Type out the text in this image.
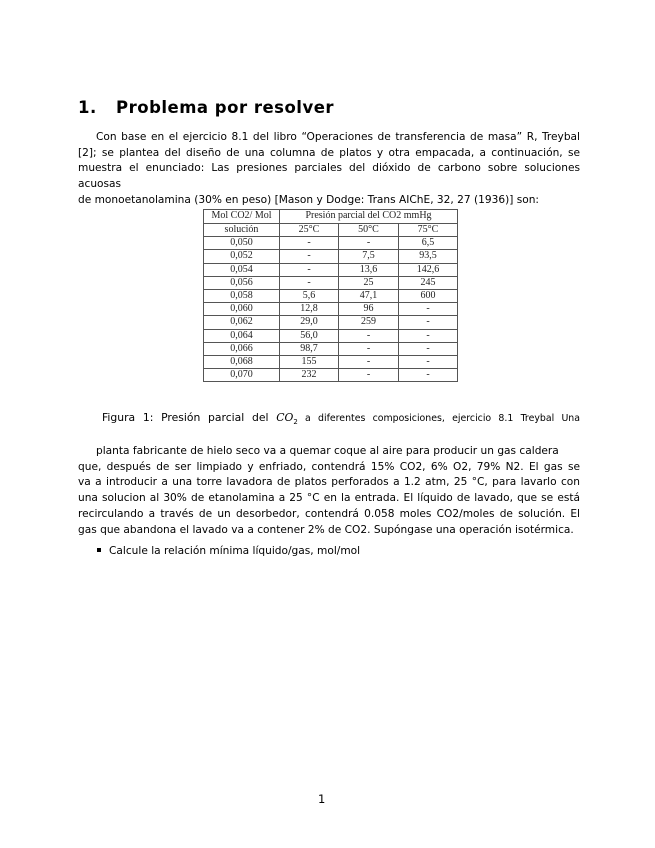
1. Problema por resolver
Con base en el ejercicio 8.1 del libro “Operaciones de transferencia de masa” R, Treybal
[2]; se plantea del diseño de una columna de platos y otra empacada, a continuación, se
muestra el enunciado: Las presiones parciales del dióxido de carbono sobre soluciones acuosas
de monoetanolamina (30% en peso) [Mason y Dodge: Trans AIChE, 32, 27 (1936)] son:
Mol CO2/ Mol	Presión parcial del CO2 mmHg		
solución	25°C	50°C	75°C
0,050	-	-	6,5
0,052	-	7,5	93,5
0,054	-	13,6	142,6
0,056	-	25	245
0,058	5,6	47,1	600
0,060	12,8	96	-
0,062	29,0	259	-
0,064	56,0	-	-
0,066	98,7	-	-
0,068	155	-	-
0,070	232	-	-
Figura 1: Presión parcial del $CO_2$ a diferentes composiciones, ejercicio 8.1 Treybal Una
planta fabricante de hielo seco va a quemar coque al aire para producir un gas caldera
que, después de ser limpiado y enfriado, contendrá 15% CO2, 6% O2, 79% N2. El gas se
va a introducir a una torre lavadora de platos perforados a 1.2 atm, 25 °C, para lavarlo con
una solucion al 30% de etanolamina a 25 °C en la entrada. El líquido de lavado, que se está
recirculando a través de un desorbedor, contendrá 0.058 moles CO2/moles de solución. El
gas que abandona el lavado va a contener 2% de CO2. Supóngase una operación isotérmica.
Calcule la relación mínima líquido/gas, mol/mol
1
